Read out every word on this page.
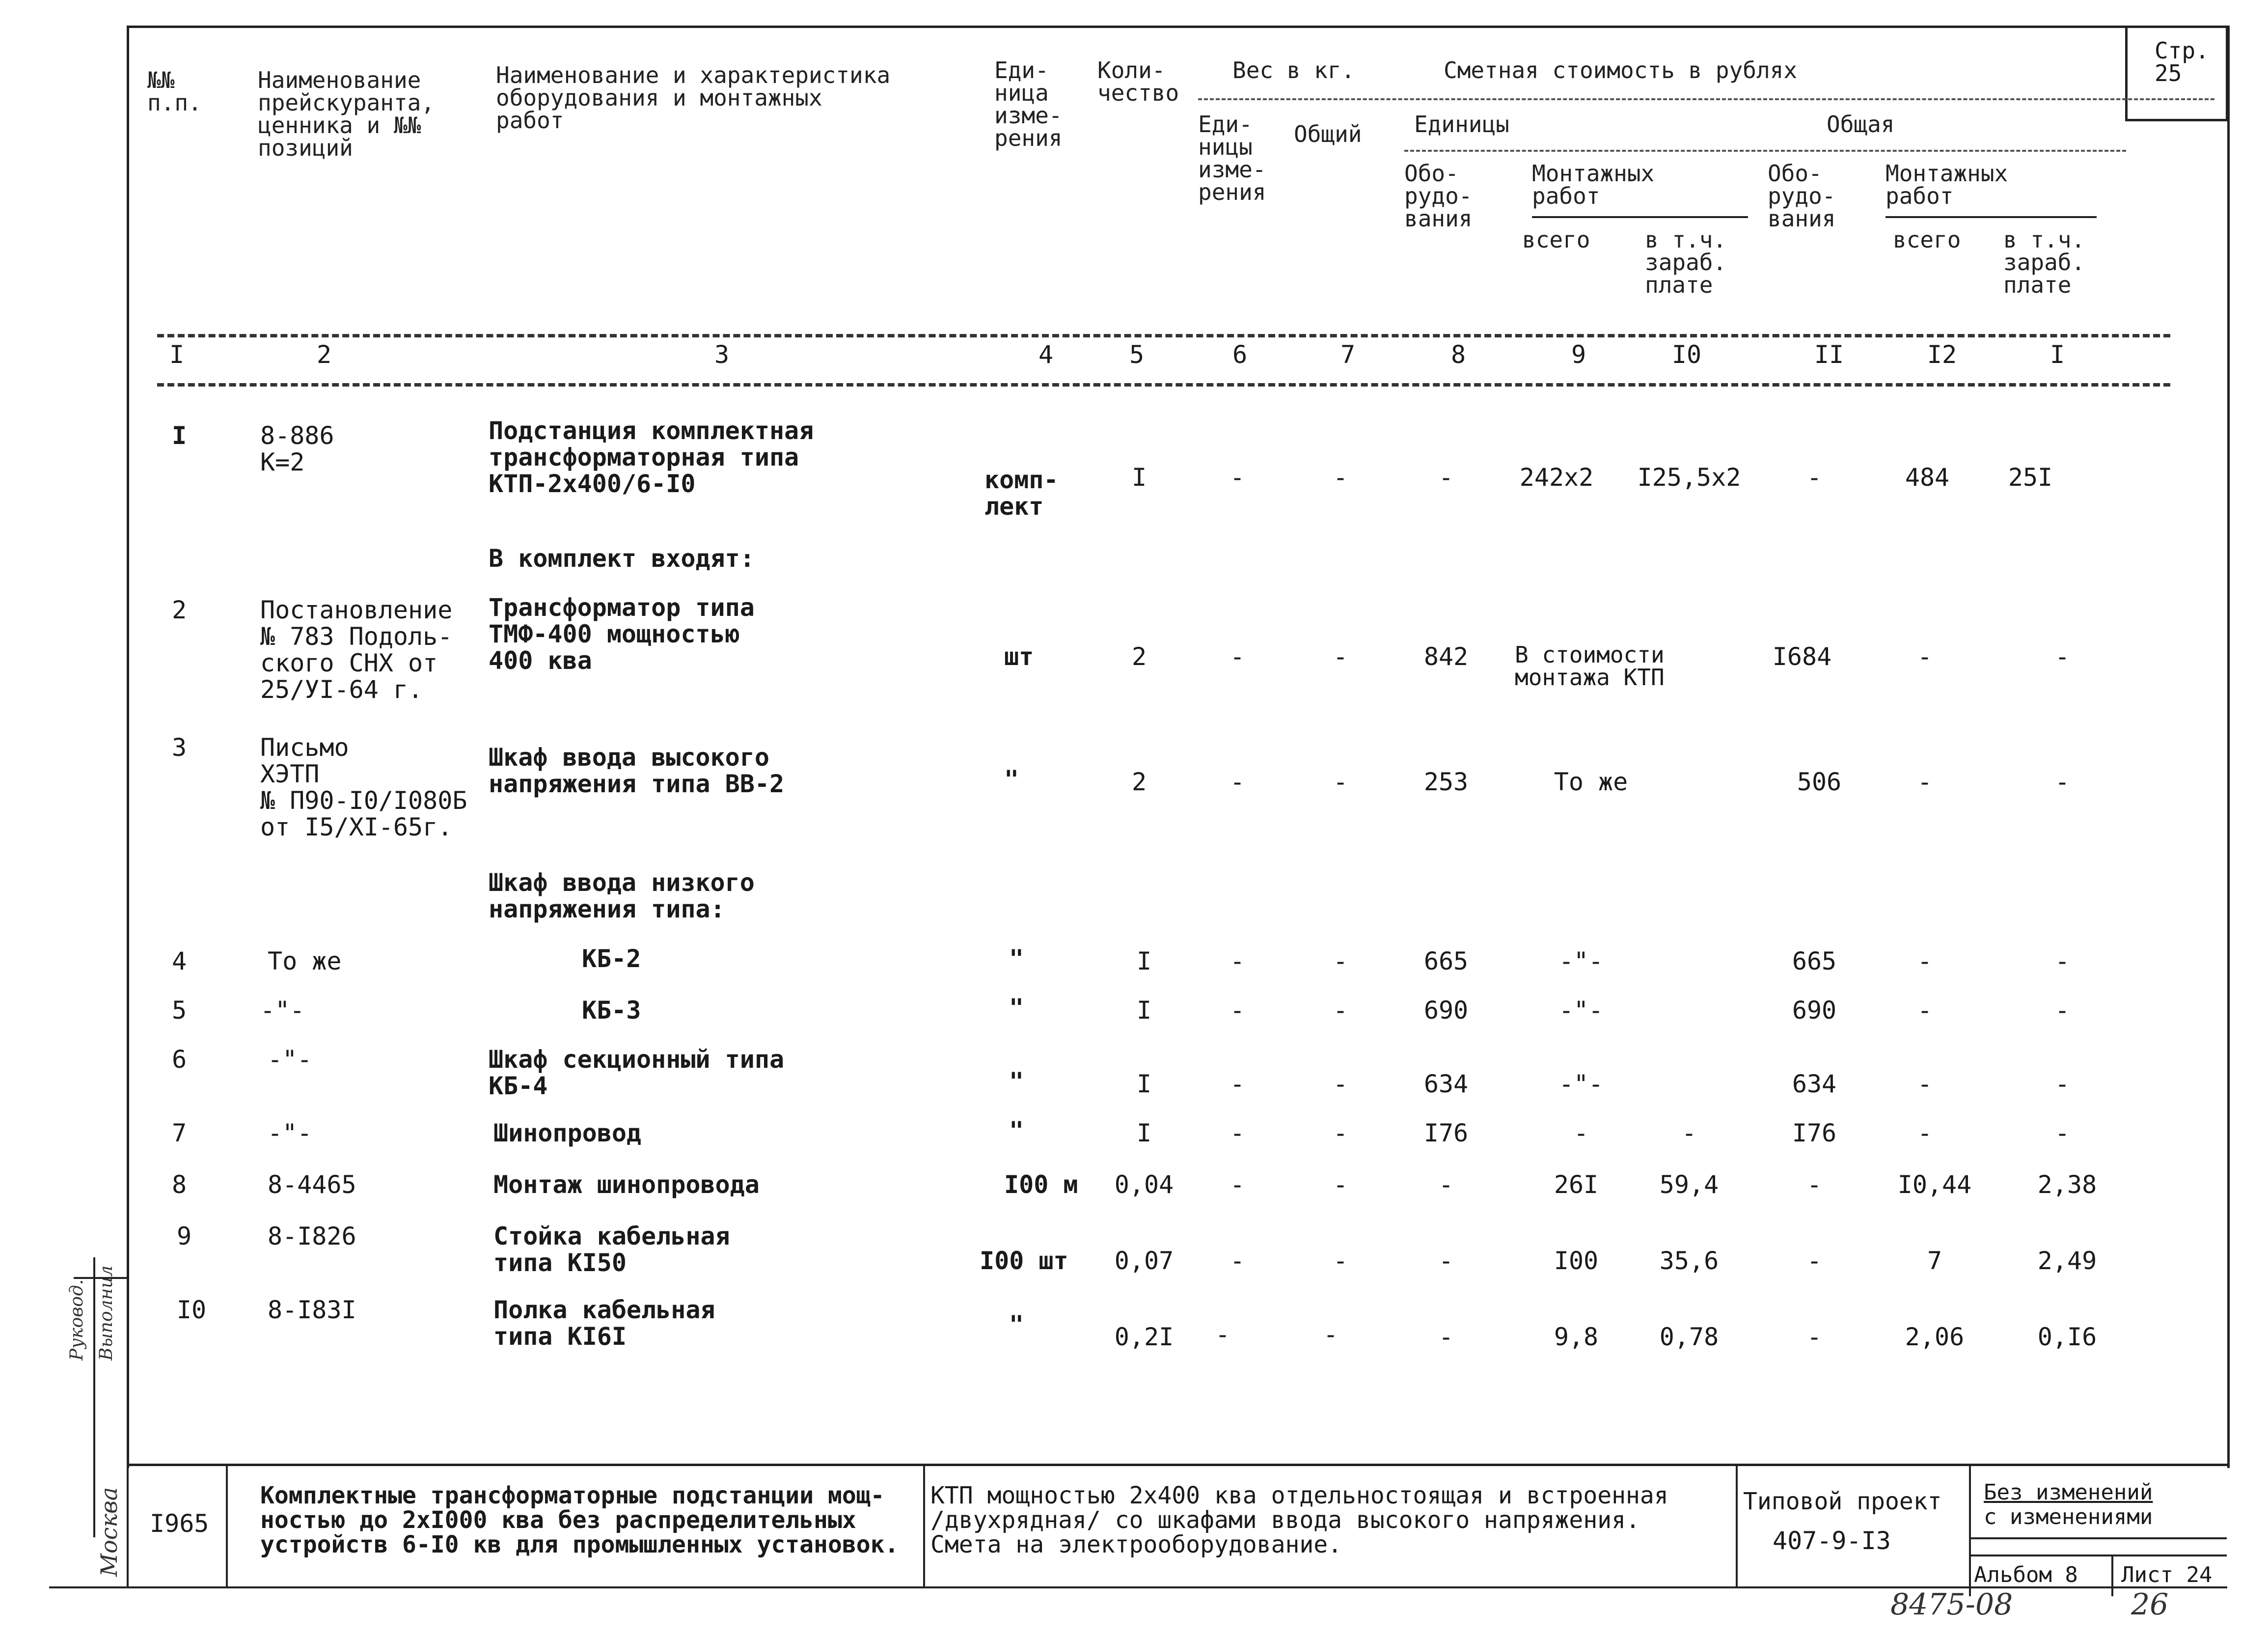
Стр.
25
№№
п.п.
Наименование
прейскуранта,
ценника и №№
позиций
Наименование и характеристика
оборудования и монтажных
работ
Еди-
ница
изме-
рения
Коли-
чество
Вес в кг.
Еди-
ницы
изме-
рения
Общий
Сметная стоимость в рублях
Единицы	Общая
Обо-
рудо-
вания
Монтажных
работ
всего в т.ч.
зараб.
плате
Обо-
рудо-
вания
Монтажных
работ
всего в т.ч.
зараб.
плате
I	2	3	4	5	6	7	8	9	I0	II	I2	I
I	8-886
К=2
Подстанция комплектная
трансформаторная типа
КТП-2х400/6-I0	комп-
лект
I	-	-	-	242х2	I25,5х2	-	484	25I
В комплект входят:
2	Постановление
№ 783 Подоль-
ского СНХ от
25/УI-64 г.
Трансформатор типа
ТМФ-400 мощностью
400 ква	шт	2	-	-	842	В стоимости
монтажа КТП
I684	-	-
3	Письмо
ХЭТП
№ П90-I0/I080Б
от I5/XI-65г.
Шкаф ввода высокого
напряжения типа ВВ-2	"	2	-	-	253	То же	506	-	-
Шкаф ввода низкого
напряжения типа:
4	То же	КБ-2	"	I	-	-	665	-"-	665	-	-
5	-"-	КБ-3	"	I	-	-	690	-"-	690	-	-
6	-"-	Шкаф секционный типа
КБ-4	"	I	-	-	634	-"-	634	-	-
7	-"-	Шинопровод	"	I	-	-	I76	-	-	I76	-	-
8	8-4465	Монтаж шинопровода	I00 м 0,04	-	-	-	26I	59,4	-	I0,44	2,38
9	8-I826	Стойка кабельная
типа КI50	I00 шт 0,07	-	-	-	I00	35,6	-	7	2,49
I0 8-I83I	Полка кабельная
типа КI6I	"	0,2I	-	-	-	9,8	0,78	-	2,06	0,I6
I965
Комплектные трансформаторные подстанции мощ-
ностью до 2хI000 ква без распределительных
устройств 6-I0 кв для промышленных установок.
КТП мощностью 2х400 ква отдельностоящая и встроенная
/двухрядная/ со шкафами ввода высокого напряжения.
Смета на электрооборудование.
Типовой проект
407-9-I3
Без изменений
с изменениями
Альбом 8 Лист 24
Руковод. Выполнил
Москва
8475-08	26
